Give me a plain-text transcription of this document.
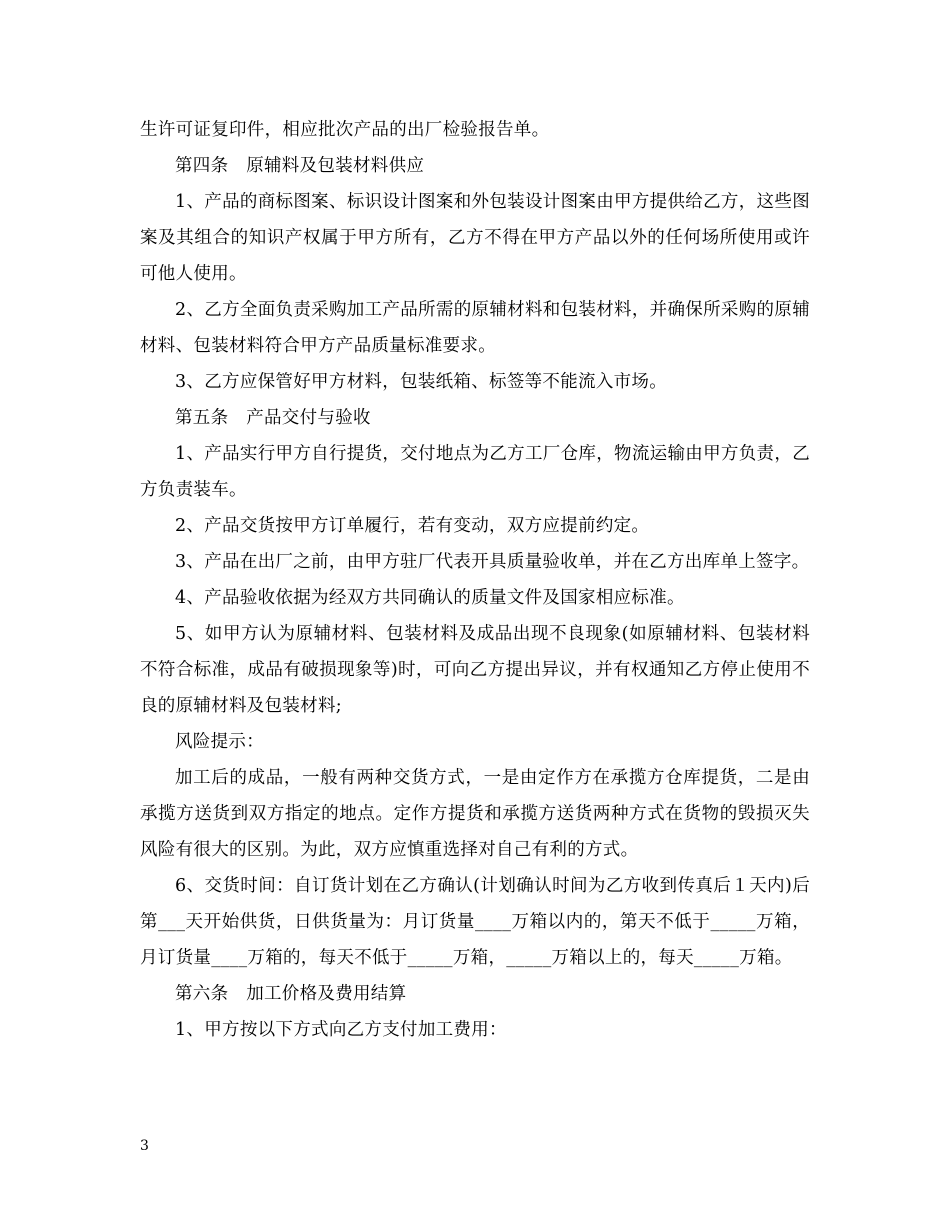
生许可证复印件，相应批次产品的出厂检验报告单。

第四条　原辅料及包装材料供应

1、产品的商标图案、标识设计图案和外包装设计图案由甲方提供给乙方，这些图案及其组合的知识产权属于甲方所有，乙方不得在甲方产品以外的任何场所使用或许可他人使用。

2、乙方全面负责采购加工产品所需的原辅材料和包装材料，并确保所采购的原辅材料、包装材料符合甲方产品质量标准要求。

3、乙方应保管好甲方材料，包装纸箱、标签等不能流入市场。

第五条　产品交付与验收

1、产品实行甲方自行提货，交付地点为乙方工厂仓库，物流运输由甲方负责，乙方负责装车。

2、产品交货按甲方订单履行，若有变动，双方应提前约定。

3、产品在出厂之前，由甲方驻厂代表开具质量验收单，并在乙方出库单上签字。

4、产品验收依据为经双方共同确认的质量文件及国家相应标准。

5、如甲方认为原辅材料、包装材料及成品出现不良现象(如原辅材料、包装材料不符合标准，成品有破损现象等)时，可向乙方提出异议，并有权通知乙方停止使用不良的原辅材料及包装材料;

风险提示：

加工后的成品，一般有两种交货方式，一是由定作方在承揽方仓库提货，二是由承揽方送货到双方指定的地点。定作方提货和承揽方送货两种方式在货物的毁损灭失风险有很大的区别。为此，双方应慎重选择对自己有利的方式。

6、交货时间：自订货计划在乙方确认(计划确认时间为乙方收到传真后１天内)后第___天开始供货，日供货量为：月订货量____万箱以内的，第天不低于_____万箱，月订货量____万箱的，每天不低于_____万箱，_____万箱以上的，每天_____万箱。

第六条　加工价格及费用结算

1、甲方按以下方式向乙方支付加工费用：

3
